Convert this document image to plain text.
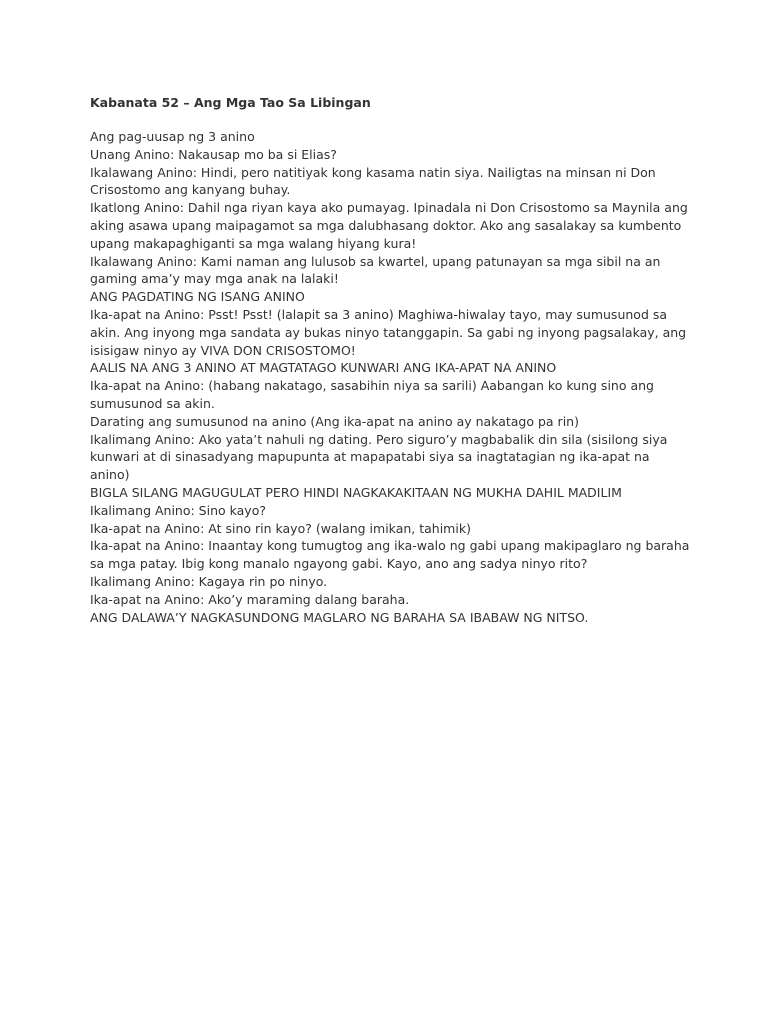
Kabanata 52 – Ang Mga Tao Sa Libingan
Ang pag-uusap ng 3 anino
Unang Anino: Nakausap mo ba si Elias?
Ikalawang Anino: Hindi, pero natitiyak kong kasama natin siya. Nailigtas na minsan ni Don
Crisostomo ang kanyang buhay.
Ikatlong Anino: Dahil nga riyan kaya ako pumayag. Ipinadala ni Don Crisostomo sa Maynila ang
aking asawa upang maipagamot sa mga dalubhasang doktor. Ako ang sasalakay sa kumbento
upang makapaghiganti sa mga walang hiyang kura!
Ikalawang Anino: Kami naman ang lulusob sa kwartel, upang patunayan sa mga sibil na an
gaming ama’y may mga anak na lalaki!
ANG PAGDATING NG ISANG ANINO
Ika-apat na Anino: Psst! Psst! (lalapit sa 3 anino) Maghiwa-hiwalay tayo, may sumusunod sa
akin. Ang inyong mga sandata ay bukas ninyo tatanggapin. Sa gabi ng inyong pagsalakay, ang
isisigaw ninyo ay VIVA DON CRISOSTOMO!
AALIS NA ANG 3 ANINO AT MAGTATAGO KUNWARI ANG IKA-APAT NA ANINO
Ika-apat na Anino: (habang nakatago, sasabihin niya sa sarili) Aabangan ko kung sino ang
sumusunod sa akin.
Darating ang sumusunod na anino (Ang ika-apat na anino ay nakatago pa rin)
Ikalimang Anino: Ako yata’t nahuli ng dating. Pero siguro’y magbabalik din sila (sisilong siya
kunwari at di sinasadyang mapupunta at mapapatabi siya sa inagtatagian ng ika-apat na
anino)
BIGLA SILANG MAGUGULAT PERO HINDI NAGKAKAKITAAN NG MUKHA DAHIL MADILIM
Ikalimang Anino: Sino kayo?
Ika-apat na Anino: At sino rin kayo? (walang imikan, tahimik)
Ika-apat na Anino: Inaantay kong tumugtog ang ika-walo ng gabi upang makipaglaro ng baraha
sa mga patay. Ibig kong manalo ngayong gabi. Kayo, ano ang sadya ninyo rito?
Ikalimang Anino: Kagaya rin po ninyo.
Ika-apat na Anino: Ako’y maraming dalang baraha.
ANG DALAWA’Y NAGKASUNDONG MAGLARO NG BARAHA SA IBABAW NG NITSO.
